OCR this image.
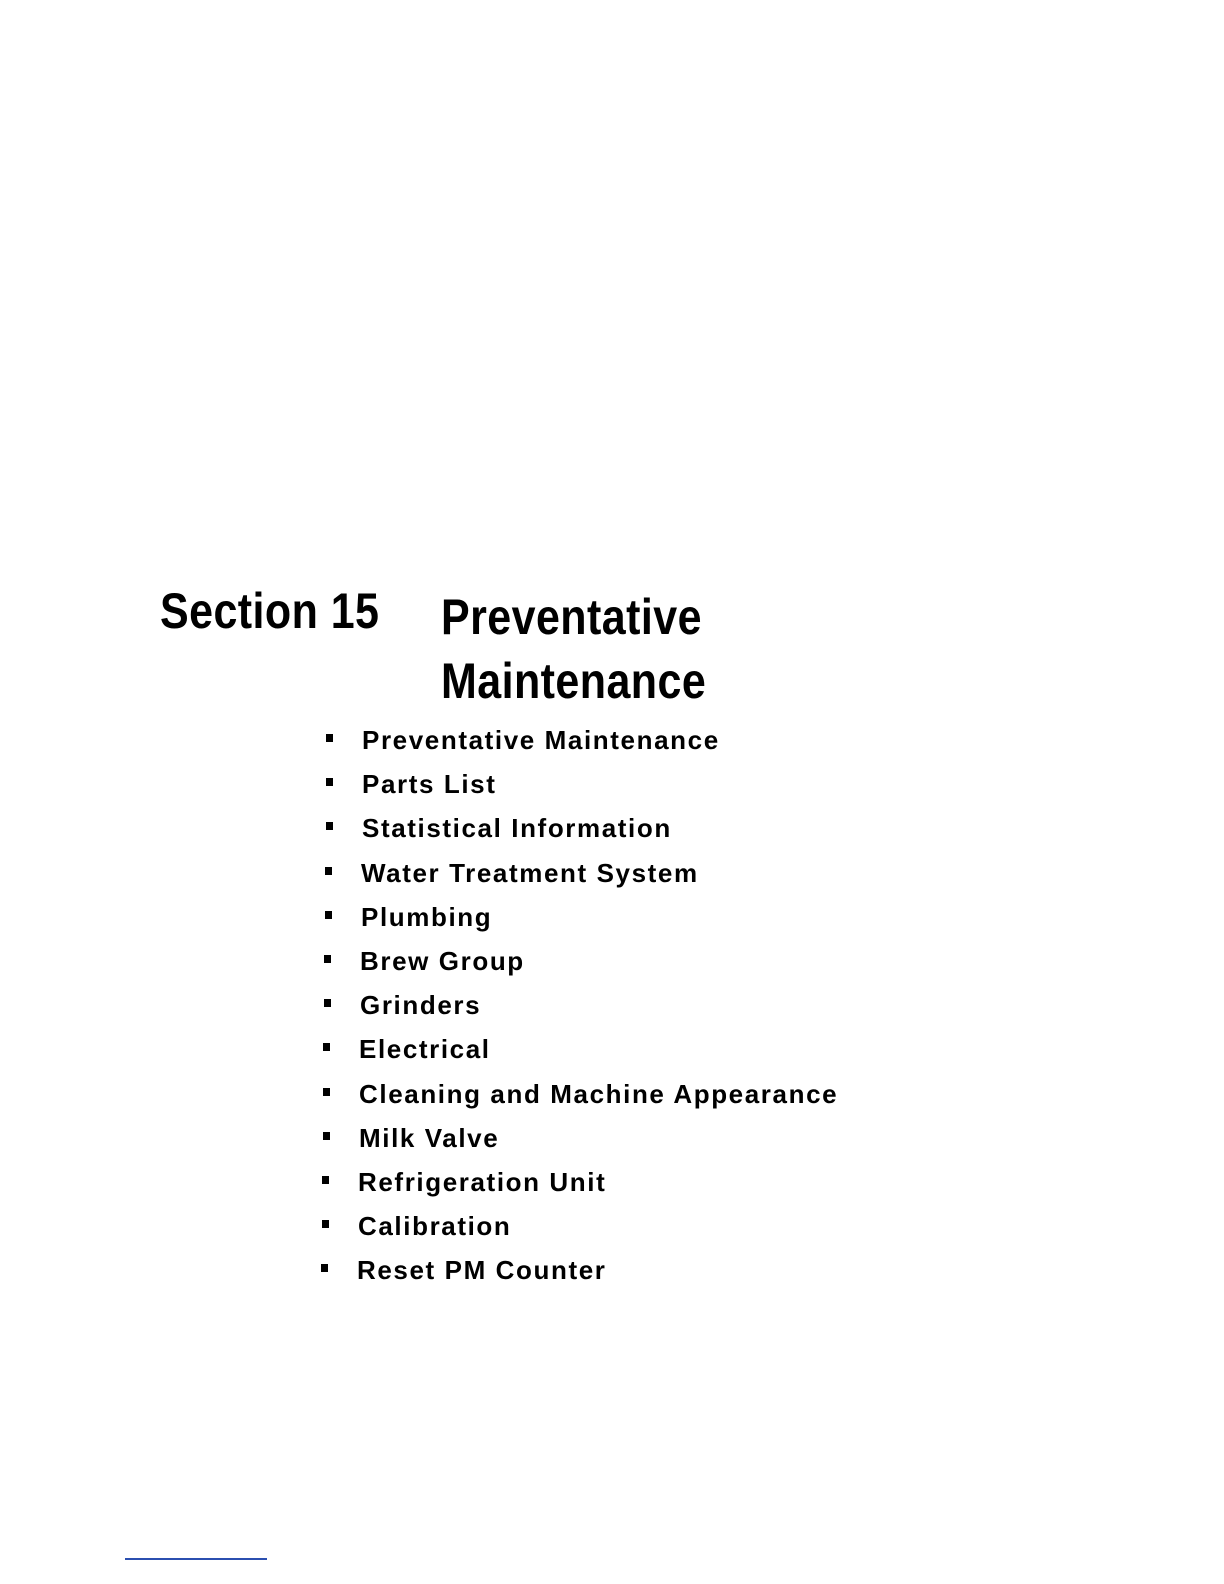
Section 15 Preventative
Maintenance
Preventative Maintenance
Parts List
Statistical Information
Water Treatment System
Plumbing
Brew Group
Grinders
Electrical
Cleaning and Machine Appearance
Milk Valve
Refrigeration Unit
Calibration
Reset PM Counter
